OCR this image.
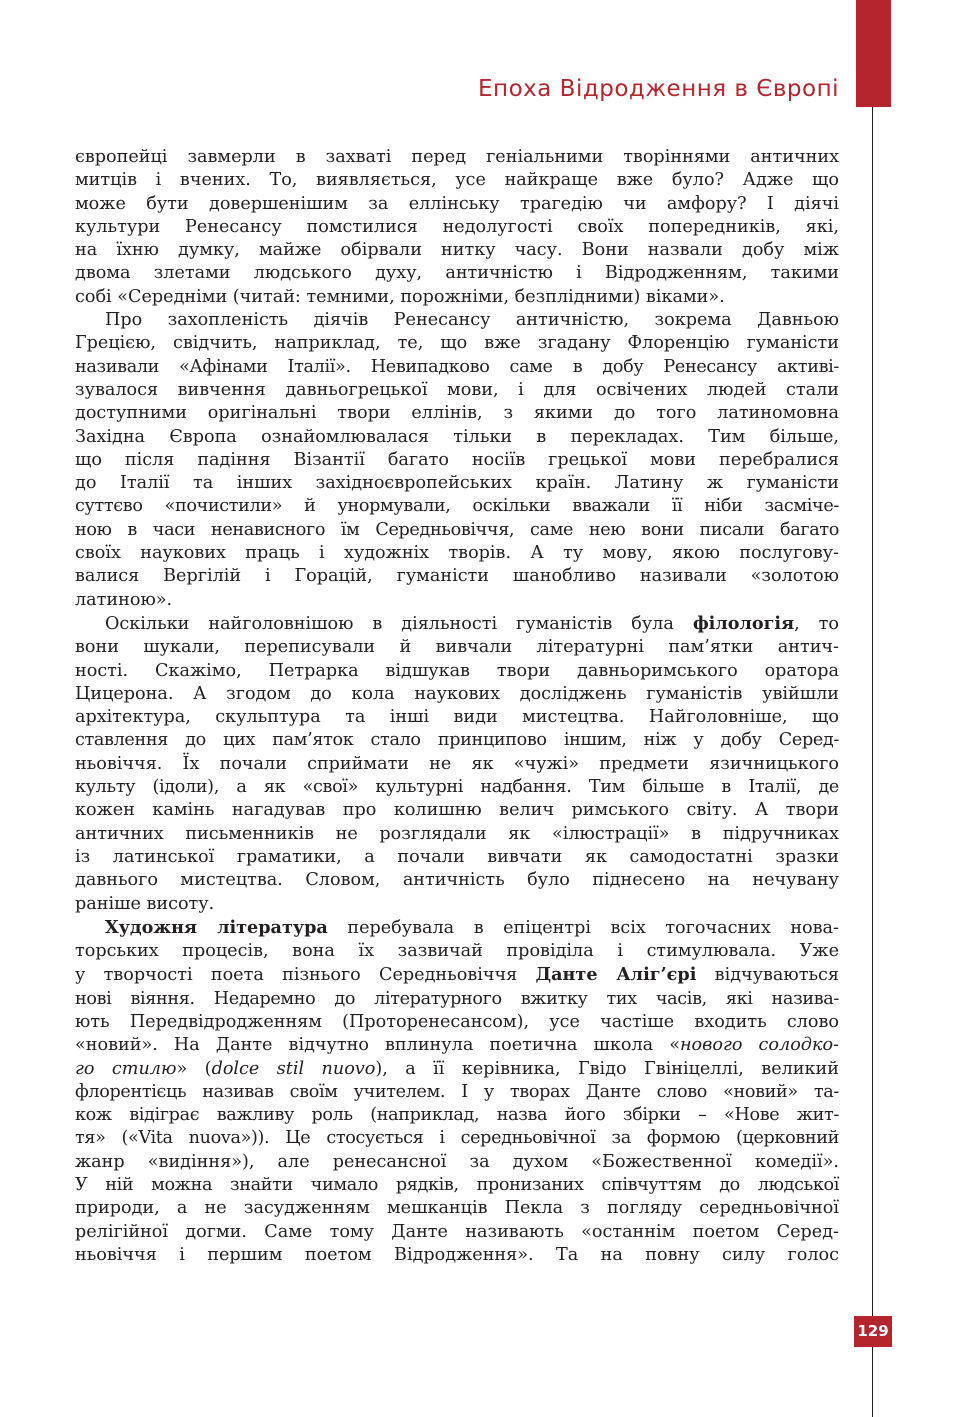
Епоха Відродження в Європі

європейці завмерли в захваті перед геніальними творіннями античних

митців і вчених. То, виявляється, усе найкраще вже було? Адже що

може бути довершенішим за еллінську трагедію чи амфору? І діячі

культури Ренесансу помстилися недолугості своїх попередників, які,

на їхню думку, майже обірвали нитку часу. Вони назвали добу між

двома злетами людського духу, античністю і Відродженням, такими

собі «Середніми (читай: темними, порожніми, безплідними) віками».

Про захопленість діячів Ренесансу античністю, зокрема Давньою

Грецією, свідчить, наприклад, те, що вже згадану Флоренцію гуманісти

називали «Афінами Італії». Невипадково саме в добу Ренесансу активі-

зувалося вивчення давньогрецької мови, і для освічених людей стали

доступними оригінальні твори еллінів, з якими до того латиномовна

Західна Європа ознайомлювалася тільки в перекладах. Тим більше,

що після падіння Візантії багато носіїв грецької мови перебралися

до Італії та інших західноєвропейських країн. Латину ж гуманісти

суттєво «почистили» й унормували, оскільки вважали її ніби засміче-

ною в часи ненависного їм Середньовіччя, саме нею вони писали багато

своїх наукових праць і художніх творів. А ту мову, якою послугову-

валися Вергілій і Горацій, гуманісти шанобливо називали «золотою

латиною».

Оскільки найголовнішою в діяльності гуманістів була філологія, то

вони шукали, переписували й вивчали літературні пам’ятки антич-

ності. Скажімо, Петрарка відшукав твори давньоримського оратора

Цицерона. А згодом до кола наукових досліджень гуманістів увійшли

архітектура, скульптура та інші види мистецтва. Найголовніше, що

ставлення до цих пам’яток стало принципово іншим, ніж у добу Серед-

ньовіччя. Їх почали сприймати не як «чужі» предмети язичницького

культу (ідоли), а як «свої» культурні надбання. Тим більше в Італії, де

кожен камінь нагадував про колишню велич римського світу. А твори

античних письменників не розглядали як «ілюстрації» в підручниках

із латинської граматики, а почали вивчати як самодостатні зразки

давнього мистецтва. Словом, античність було піднесено на нечувану

раніше висоту.

Художня література перебувала в епіцентрі всіх тогочасних нова-

торських процесів, вона їх зазвичай провіділа і стимулювала. Уже

у творчості поета пізнього Середньовіччя Данте Аліг’єрі відчуваються

нові віяння. Недаремно до літературного вжитку тих часів, які назива-

ють Передвідродженням (Проторенесансом), усе частіше входить слово

«новий». На Данте відчутно вплинула поетична школа «нового солодко-

го стилю» (dolce stil nuovo), а її керівника, Гвідо Гвініцеллі, великий

флорентієць називав своїм учителем. І у творах Данте слово «новий» та-

кож відіграє важливу роль (наприклад, назва його збірки – «Нове жит-

тя» («Vita nuova»)). Це стосується і середньовічної за формою (церковний

жанр «видіння»), але ренесансної за духом «Божественної комедії».

У ній можна знайти чимало рядків, пронизаних співчуттям до людської

природи, а не засудженням мешканців Пекла з погляду середньовічної

релігійної догми. Саме тому Данте називають «останнім поетом Серед-

ньовіччя і першим поетом Відродження». Та на повну силу голос

129
